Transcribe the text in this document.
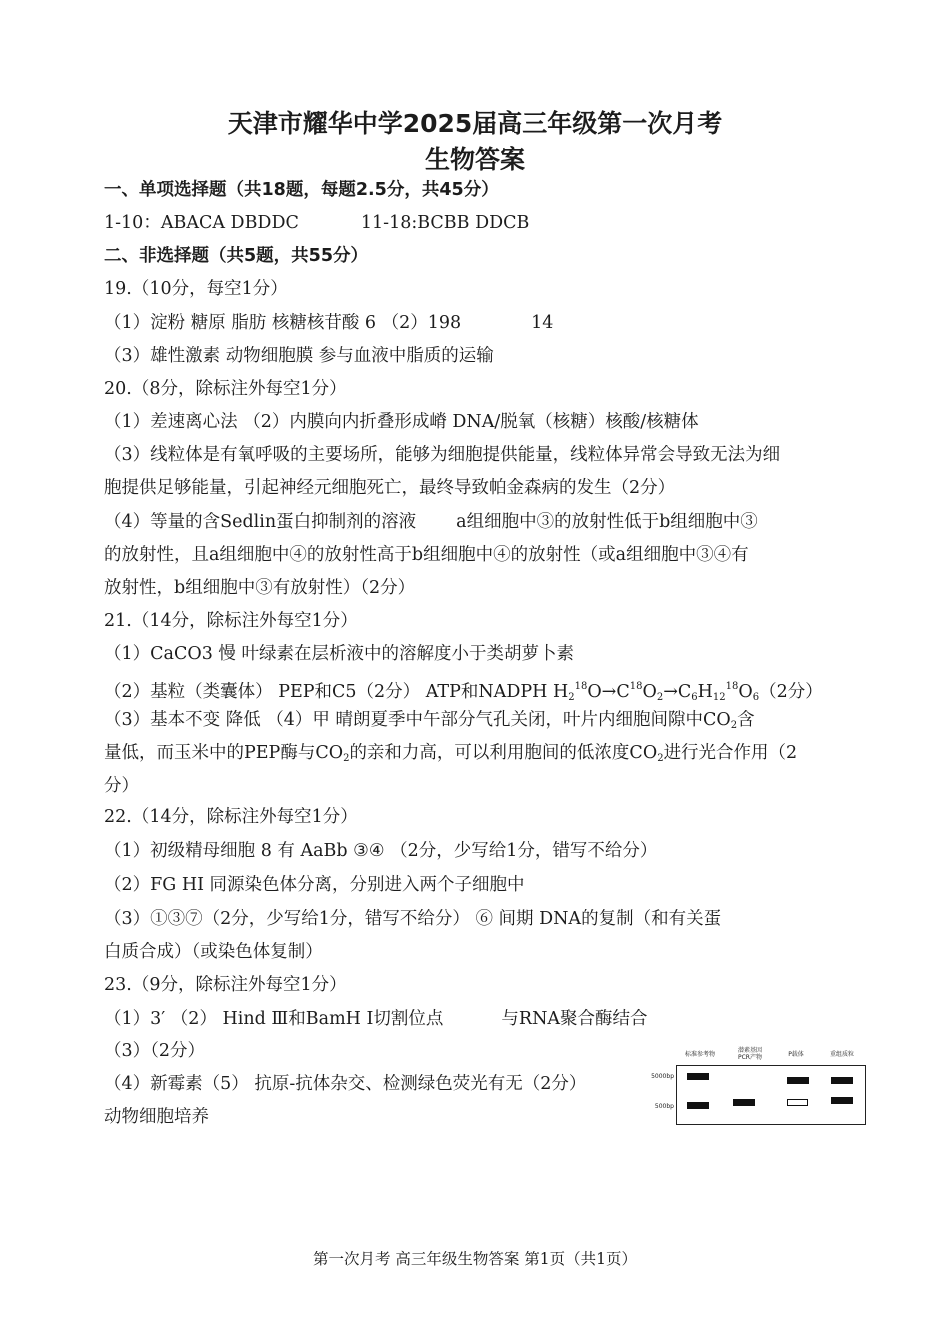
天津市耀华中学2025届高三年级第一次月考
生物答案
一、单项选择题（共18题，每题2.5分，共45分）
1-10：ABACA DBDDC	11-18:BCBB DDCB
二、非选择题（共5题，共55分）
19.（10分，每空1分）
（1）淀粉 糖原 脂肪 核糖核苷酸 6 （2）198	14
（3）雄性激素 动物细胞膜 参与血液中脂质的运输
20.（8分，除标注外每空1分）
（1）差速离心法 （2）内膜向内折叠形成嵴 DNA/脱氧（核糖）核酸/核糖体
（3）线粒体是有氧呼吸的主要场所，能够为细胞提供能量，线粒体异常会导致无法为细
胞提供足够能量，引起神经元细胞死亡，最终导致帕金森病的发生（2分）
（4）等量的含Sedlin蛋白抑制剂的溶液 a组细胞中③的放射性低于b组细胞中③
的放射性，且a组细胞中④的放射性高于b组细胞中④的放射性（或a组细胞中③④有
放射性，b组细胞中③有放射性）（2分）
21.（14分，除标注外每空1分）
（1）CaCO3 慢 叶绿素在层析液中的溶解度小于类胡萝卜素
（2）基粒（类囊体） PEP和C5（2分） ATP和NADPH $H_2^{18}O\to C^{18}O_2\to C_6H_{12}^{18}O_6(2$分）
（3）基本不变 降低 （4）甲 晴朗夏季中午部分气孔关闭，叶片内细胞间隙中$CO_2$含
量低，而玉米中的PEP酶与$CO_2$的亲和力高，可以利用胞间的低浓度$CO_2$进行光合作用（2
分）
22.（14分，除标注外每空1分）
（1）初级精母细胞 8 有 AaBb ③④ （2分，少写给1分，错写不给分）
（2）FG HI 同源染色体分离，分别进入两个子细胞中
（3）①③⑦（2分，少写给1分，错写不给分） ⑥ 间期 DNA的复制（和有关蛋
白质合成）（或染色体复制）
23.（9分，除标注外每空1分）
（1）3′ （2） Hind Ⅲ和BamH Ⅰ切割位点	与RNA聚合酶结合
（3）（2分）
（4）新霉素（5） 抗原-抗体杂交、检测绿色荧光有无（2分）
动物细胞培养
标准参考物
潜素基因
PCR产物	P载体	重组质粒
5000bp
500bp
第一次月考 高三年级生物答案 第1页（共1页）
